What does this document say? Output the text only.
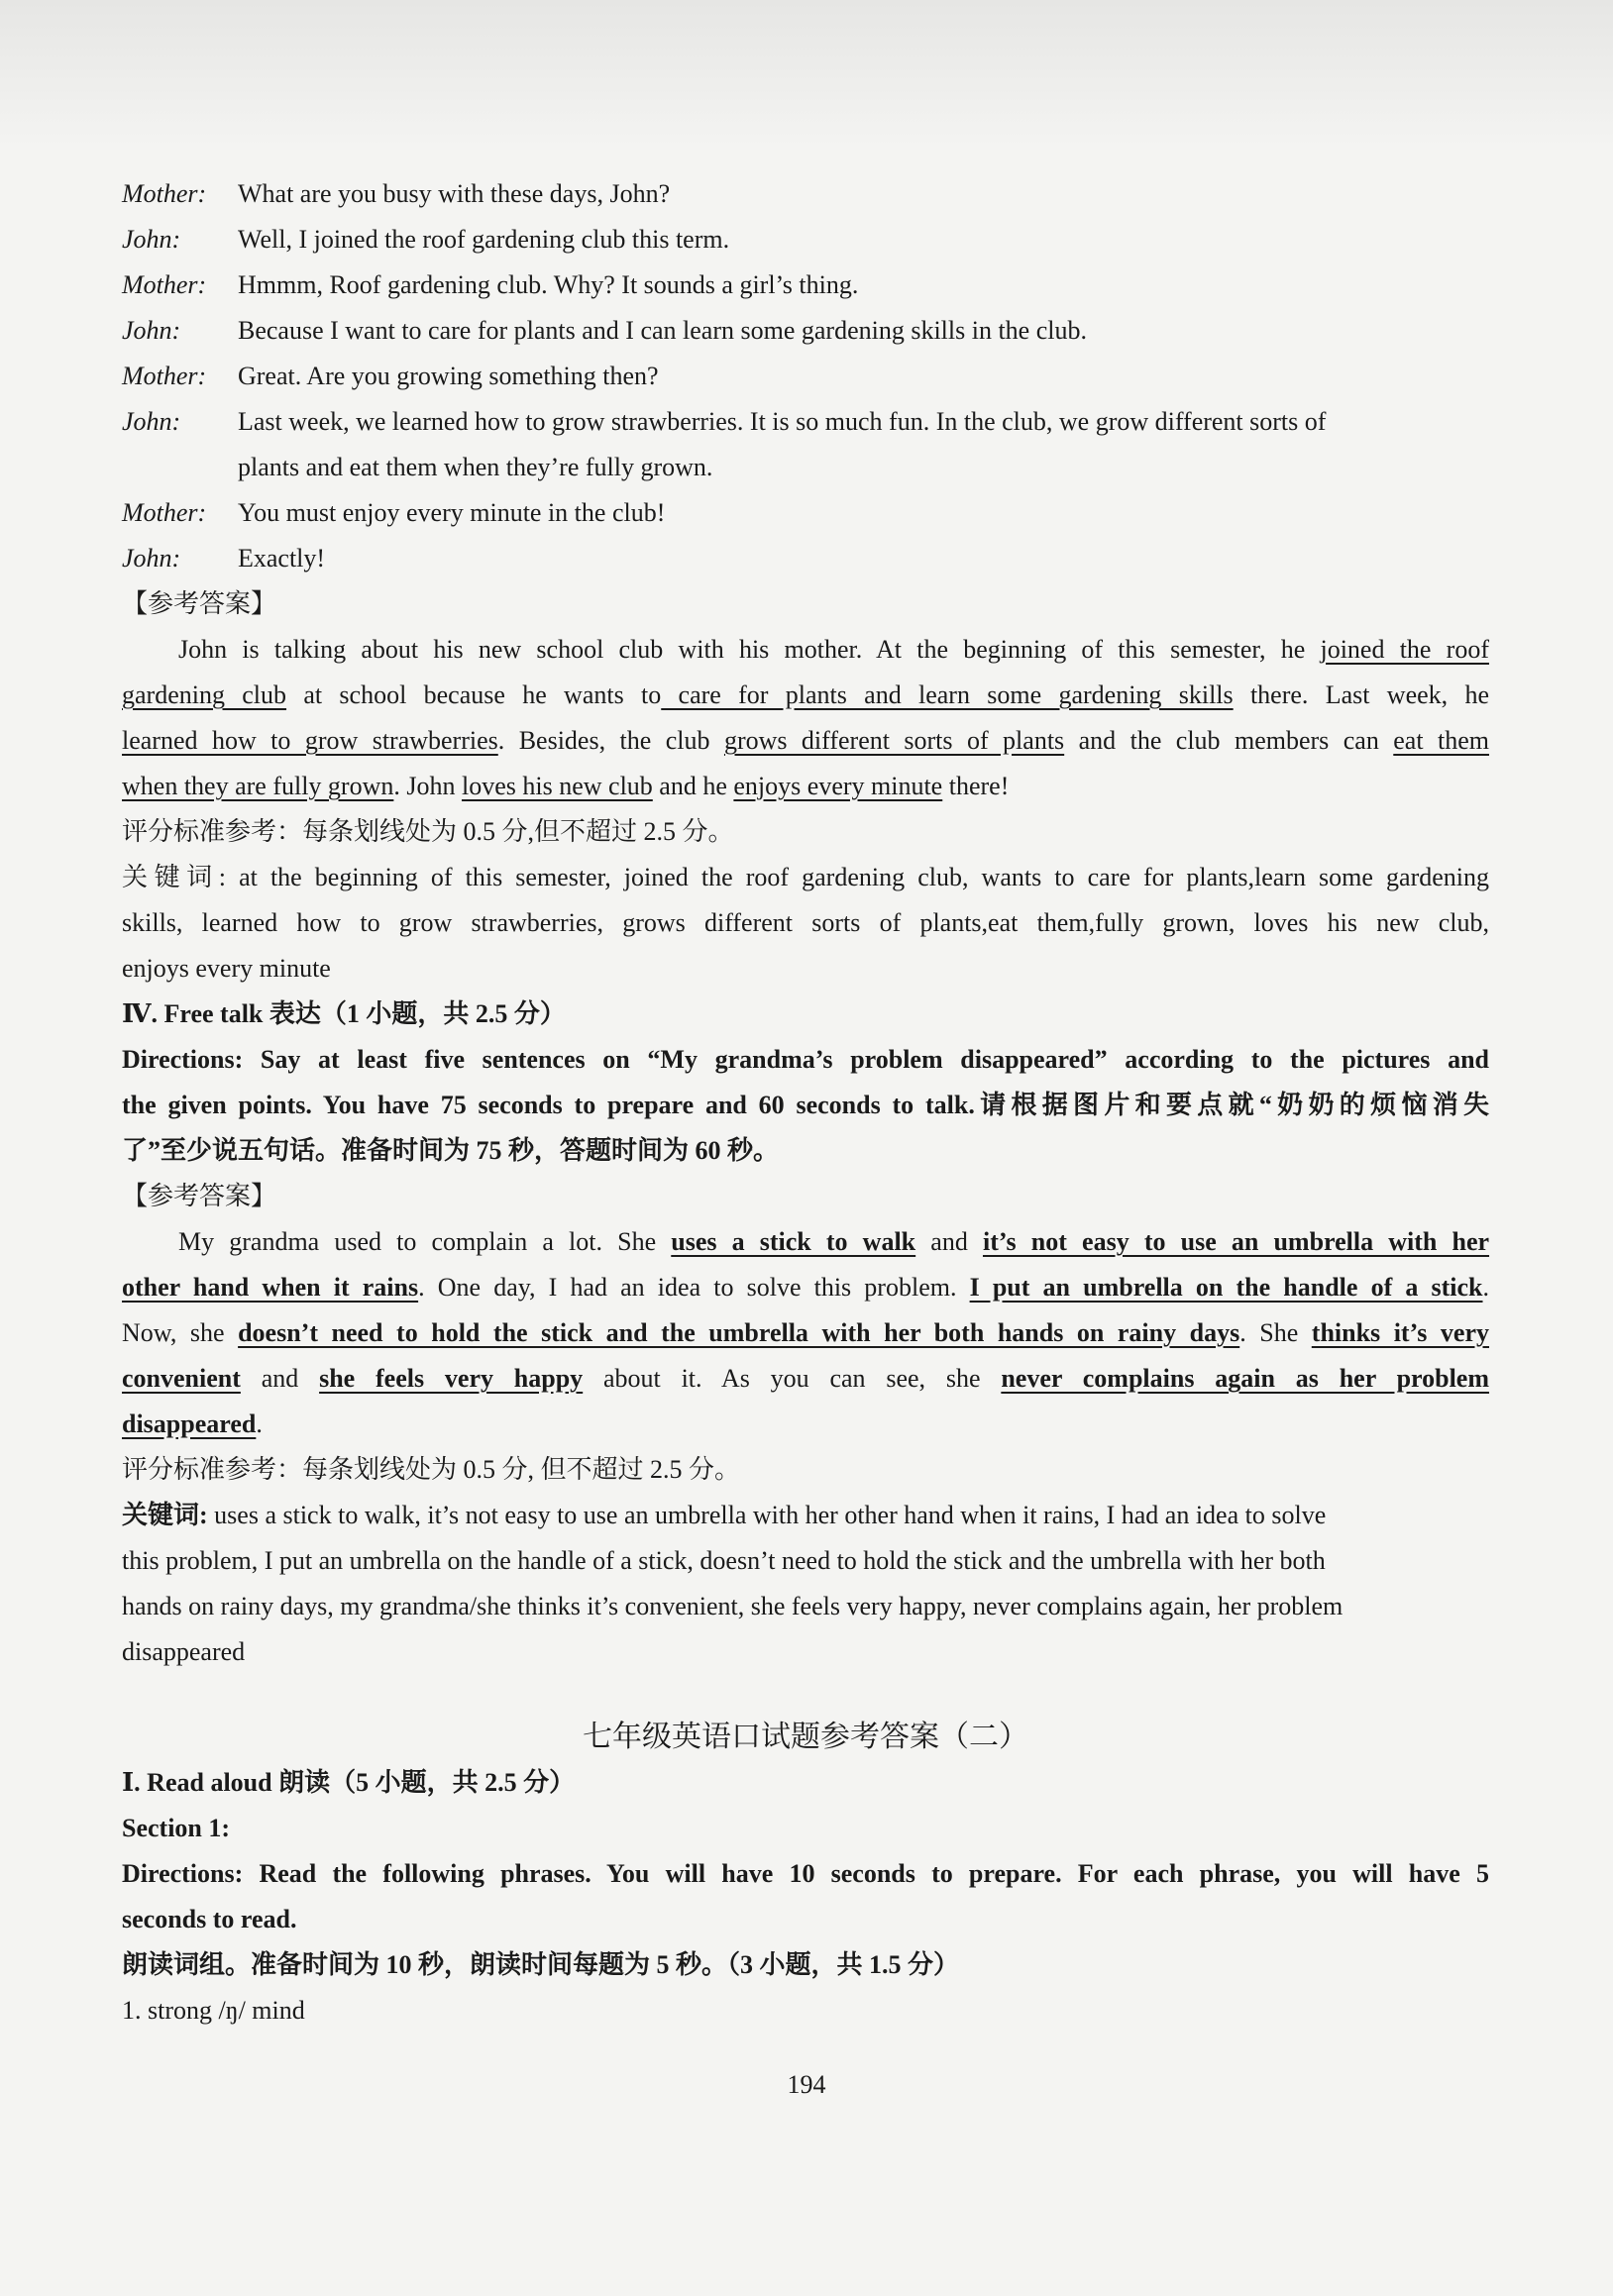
Mother:	What are you busy with these days, John?
John:	Well, I joined the roof gardening club this term.
Mother:	Hmmm, Roof gardening club. Why? It sounds a girl’s thing.
John:	Because I want to care for plants and I can learn some gardening skills in the club.
Mother:	Great. Are you growing something then?
John:	Last week, we learned how to grow strawberries. It is so much fun. In the club, we grow different sorts of
plants and eat them when they’re fully grown.
Mother:	You must enjoy every minute in the club!
John:	Exactly!
【参考答案】
John is talking about his new school club with his mother. At the beginning of this semester, he joined the roof
gardening club at school because he wants to care for plants and learn some gardening skills there. Last week, he
learned how to grow strawberries. Besides, the club grows different sorts of plants and the club members can eat them
when they are fully grown. John loves his new club and he enjoys every minute there!
评分标准参考：每条划线处为 0.5 分,但不超过 2.5 分。
关键词: at the beginning of this semester, joined the roof gardening club, wants to care for plants,learn some gardening
skills, learned how to grow strawberries, grows different sorts of plants,eat them,fully grown, loves his new club,
enjoys every minute
Ⅳ. Free talk 表达（1 小题，共 2.5 分）
Directions: Say at least five sentences on “My grandma’s problem disappeared” according to the pictures and
the given points. You have 75 seconds to prepare and 60 seconds to talk.请根据图片和要点就“奶奶的烦恼消失
了”至少说五句话。准备时间为 75 秒，答题时间为 60 秒。
【参考答案】
My grandma used to complain a lot. She uses a stick to walk and it’s not easy to use an umbrella with her
other hand when it rains. One day, I had an idea to solve this problem. I put an umbrella on the handle of a stick.
Now, she doesn’t need to hold the stick and the umbrella with her both hands on rainy days. She thinks it’s very
convenient and she feels very happy about it. As you can see, she never complains again as her problem
disappeared.
评分标准参考：每条划线处为 0.5 分, 但不超过 2.5 分。
关键词: uses a stick to walk, it’s not easy to use an umbrella with her other hand when it rains, I had an idea to solve
this problem, I put an umbrella on the handle of a stick, doesn’t need to hold the stick and the umbrella with her both
hands on rainy days, my grandma/she thinks it’s convenient, she feels very happy, never complains again, her problem
disappeared
七年级英语口试题参考答案（二）
Ⅰ. Read aloud 朗读（5 小题，共 2.5 分）
Section 1:
Directions: Read the following phrases. You will have 10 seconds to prepare. For each phrase, you will have 5
seconds to read.
朗读词组。准备时间为 10 秒，朗读时间每题为 5 秒。（3 小题，共 1.5 分）
1. strong /ŋ/ mind
194
